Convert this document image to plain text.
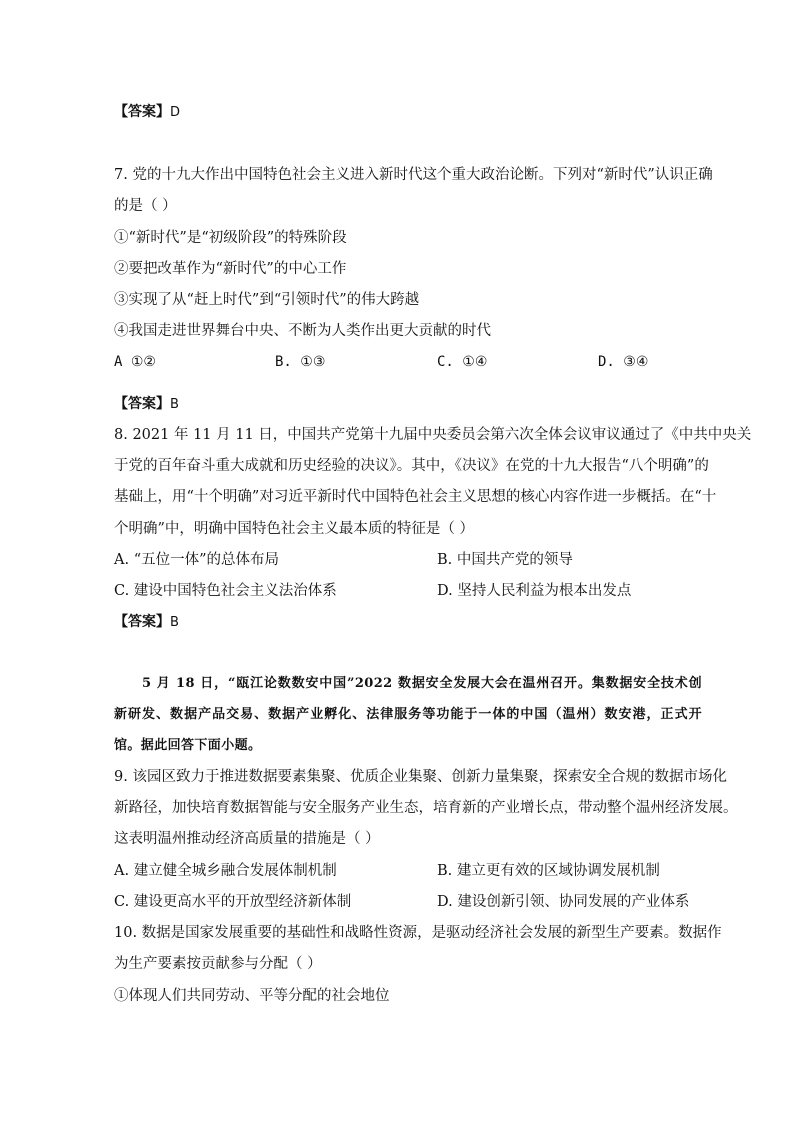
【答案】D
7. 党的十九大作出中国特色社会主义进入新时代这个重大政治论断。下列对“新时代”认识正确
的是（ ）
①“新时代”是“初级阶段”的特殊阶段
②要把改革作为“新时代”的中心工作
③实现了从“赶上时代”到“引领时代”的伟大跨越
④我国走进世界舞台中央、不断为人类作出更大贡献的时代
A ①②	B. ①③	C. ①④	D. ③④
【答案】B
8. 2021 年 11 月 11 日，中国共产党第十九届中央委员会第六次全体会议审议通过了《中共中央关
于党的百年奋斗重大成就和历史经验的决议》。其中，《决议》在党的十九大报告“八个明确”的
基础上，用“十个明确”对习近平新时代中国特色社会主义思想的核心内容作进一步概括。在“十
个明确”中，明确中国特色社会主义最本质的特征是（ ）
A. “五位一体”的总体布局	B. 中国共产党的领导
C. 建设中国特色社会主义法治体系	D. 坚持人民利益为根本出发点
【答案】B
5 月 18 日，“瓯江论数数安中国”2022 数据安全发展大会在温州召开。集数据安全技术创
新研发、数据产品交易、数据产业孵化、法律服务等功能于一体的中国（温州）数安港，正式开
馆。据此回答下面小题。
9. 该园区致力于推进数据要素集聚、优质企业集聚、创新力量集聚，探索安全合规的数据市场化
新路径，加快培育数据智能与安全服务产业生态，培育新的产业增长点，带动整个温州经济发展。
这表明温州推动经济高质量的措施是（ ）
A. 建立健全城乡融合发展体制机制	B. 建立更有效的区域协调发展机制
C. 建设更高水平的开放型经济新体制	D. 建设创新引领、协同发展的产业体系
10. 数据是国家发展重要的基础性和战略性资源，是驱动经济社会发展的新型生产要素。数据作
为生产要素按贡献参与分配（ ）
①体现人们共同劳动、平等分配的社会地位
